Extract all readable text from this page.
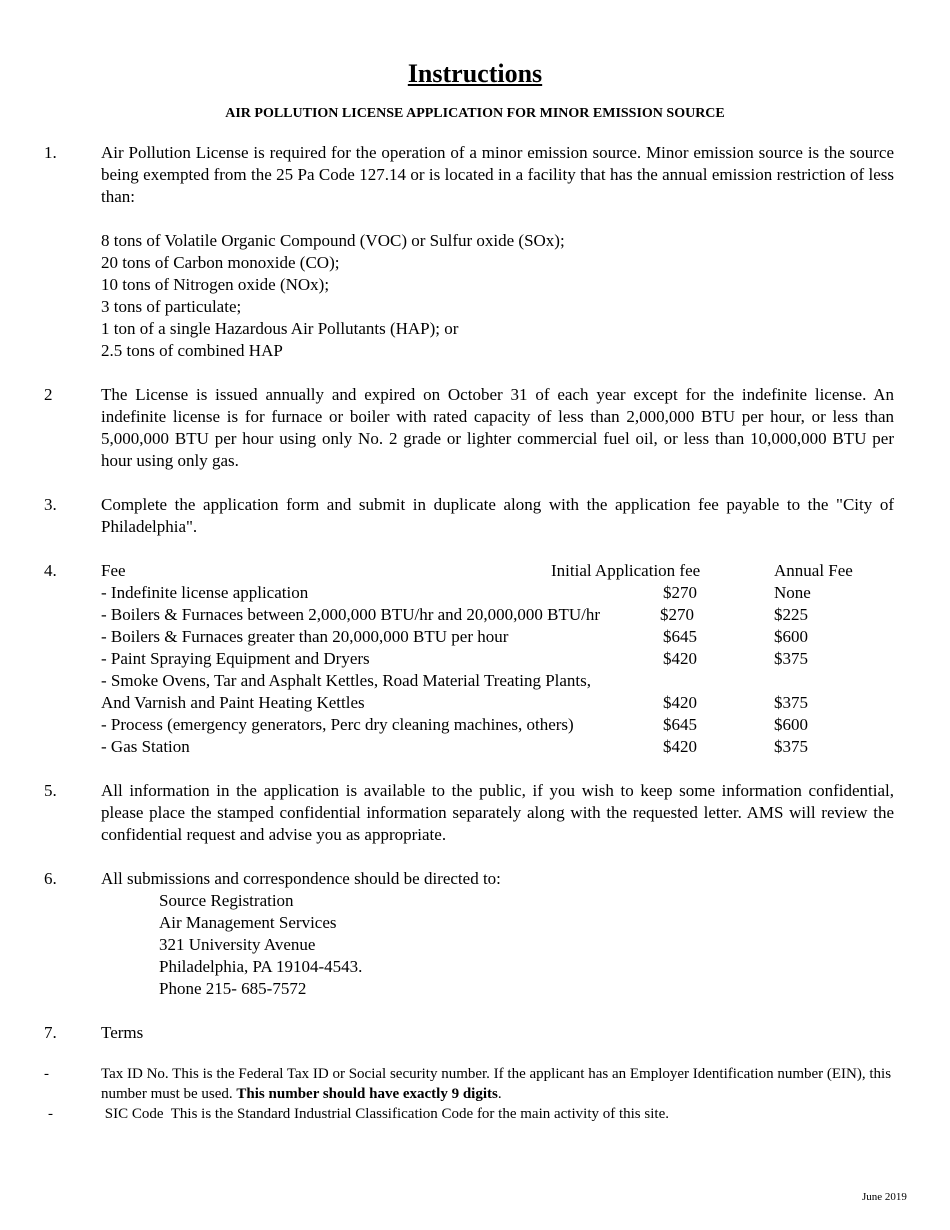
Instructions
AIR POLLUTION LICENSE APPLICATION FOR MINOR EMISSION SOURCE
1.	Air Pollution License is required for the operation of a minor emission source. Minor emission source is the source being exempted from the 25 Pa Code 127.14 or is located in a facility that has the annual emission restriction of less than:
8 tons of Volatile Organic Compound (VOC) or Sulfur oxide (SOx);
20 tons of Carbon monoxide (CO);
10 tons of Nitrogen oxide (NOx);
3 tons of particulate;
1 ton of a single Hazardous Air Pollutants (HAP); or
2.5 tons of combined HAP
2	The License is issued annually and expired on October 31 of each year except for the indefinite license. An indefinite license is for furnace or boiler with rated capacity of less than 2,000,000 BTU per hour, or less than 5,000,000 BTU per hour using only No. 2 grade or lighter commercial fuel oil, or less than 10,000,000 BTU per hour using only gas.
3.	Complete the application form and submit in duplicate along with the application fee payable to the "City of Philadelphia".
4.	Fee	Initial Application fee	Annual Fee
- Indefinite license application	$270	None
- Boilers & Furnaces between 2,000,000 BTU/hr and 20,000,000 BTU/hr	$270	$225
- Boilers & Furnaces greater than 20,000,000 BTU per hour	$645	$600
- Paint Spraying Equipment and Dryers	$420	$375
- Smoke Ovens, Tar and Asphalt Kettles, Road Material Treating Plants,
And Varnish and Paint Heating Kettles	$420	$375
- Process (emergency generators, Perc dry cleaning machines, others)	$645	$600
- Gas Station	$420	$375
5.	All information in the application is available to the public, if you wish to keep some information confidential, please place the stamped confidential information separately along with the requested letter. AMS will review the confidential request and advise you as appropriate.
6.	All submissions and correspondence should be directed to:
Source Registration
Air Management Services
321 University Avenue
Philadelphia, PA 19104-4543.
Phone 215- 685-7572
7.	Terms
-	Tax ID No. This is the Federal Tax ID or Social security number. If the applicant has an Employer Identification number (EIN), this number must be used. This number should have exactly 9 digits.
-	SIC Code  This is the Standard Industrial Classification Code for the main activity of this site.
June 2019
